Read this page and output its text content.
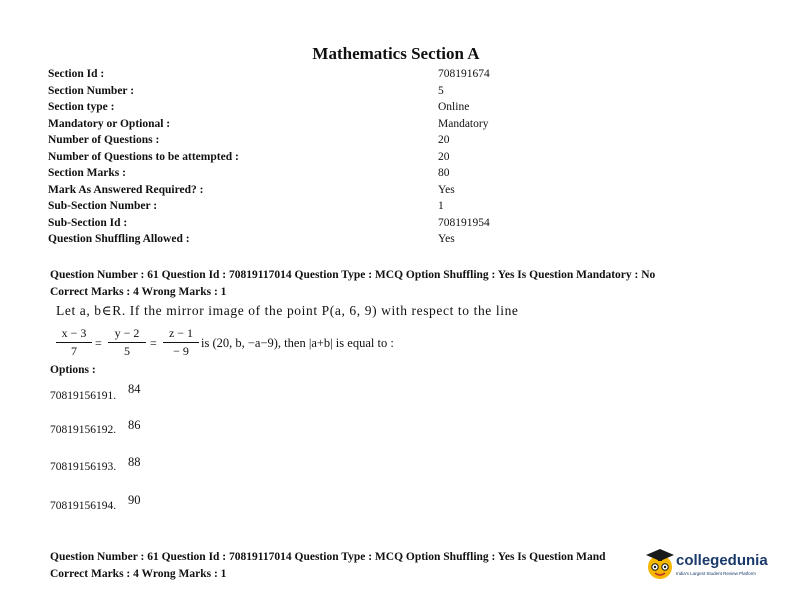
Mathematics Section A
Section Id :	708191674
Section Number :	5
Section type :	Online
Mandatory or Optional :	Mandatory
Number of Questions :	20
Number of Questions to be attempted :	20
Section Marks :	80
Mark As Answered Required? :	Yes
Sub-Section Number :	1
Sub-Section Id :	708191954
Question Shuffling Allowed :	Yes
Question Number : 61 Question Id : 70819117014 Question Type : MCQ Option Shuffling : Yes Is Question Mandatory : No
Correct Marks : 4 Wrong Marks : 1
Let a, b∈R. If the mirror image of the point P(a, 6, 9) with respect to the line
x − 3
7
=
y − 2
5
=
z − 1
− 9
is (20, b, −a−9), then |a+b| is equal to :
Options :
70819156191. 84
70819156192. 86
70819156193. 88
70819156194. 90
Question Number : 61 Question Id : 70819117014 Question Type : MCQ Option Shuffling : Yes Is Question Mand
Correct Marks : 4 Wrong Marks : 1
collegedunia
India's Largest Student Review Platform
